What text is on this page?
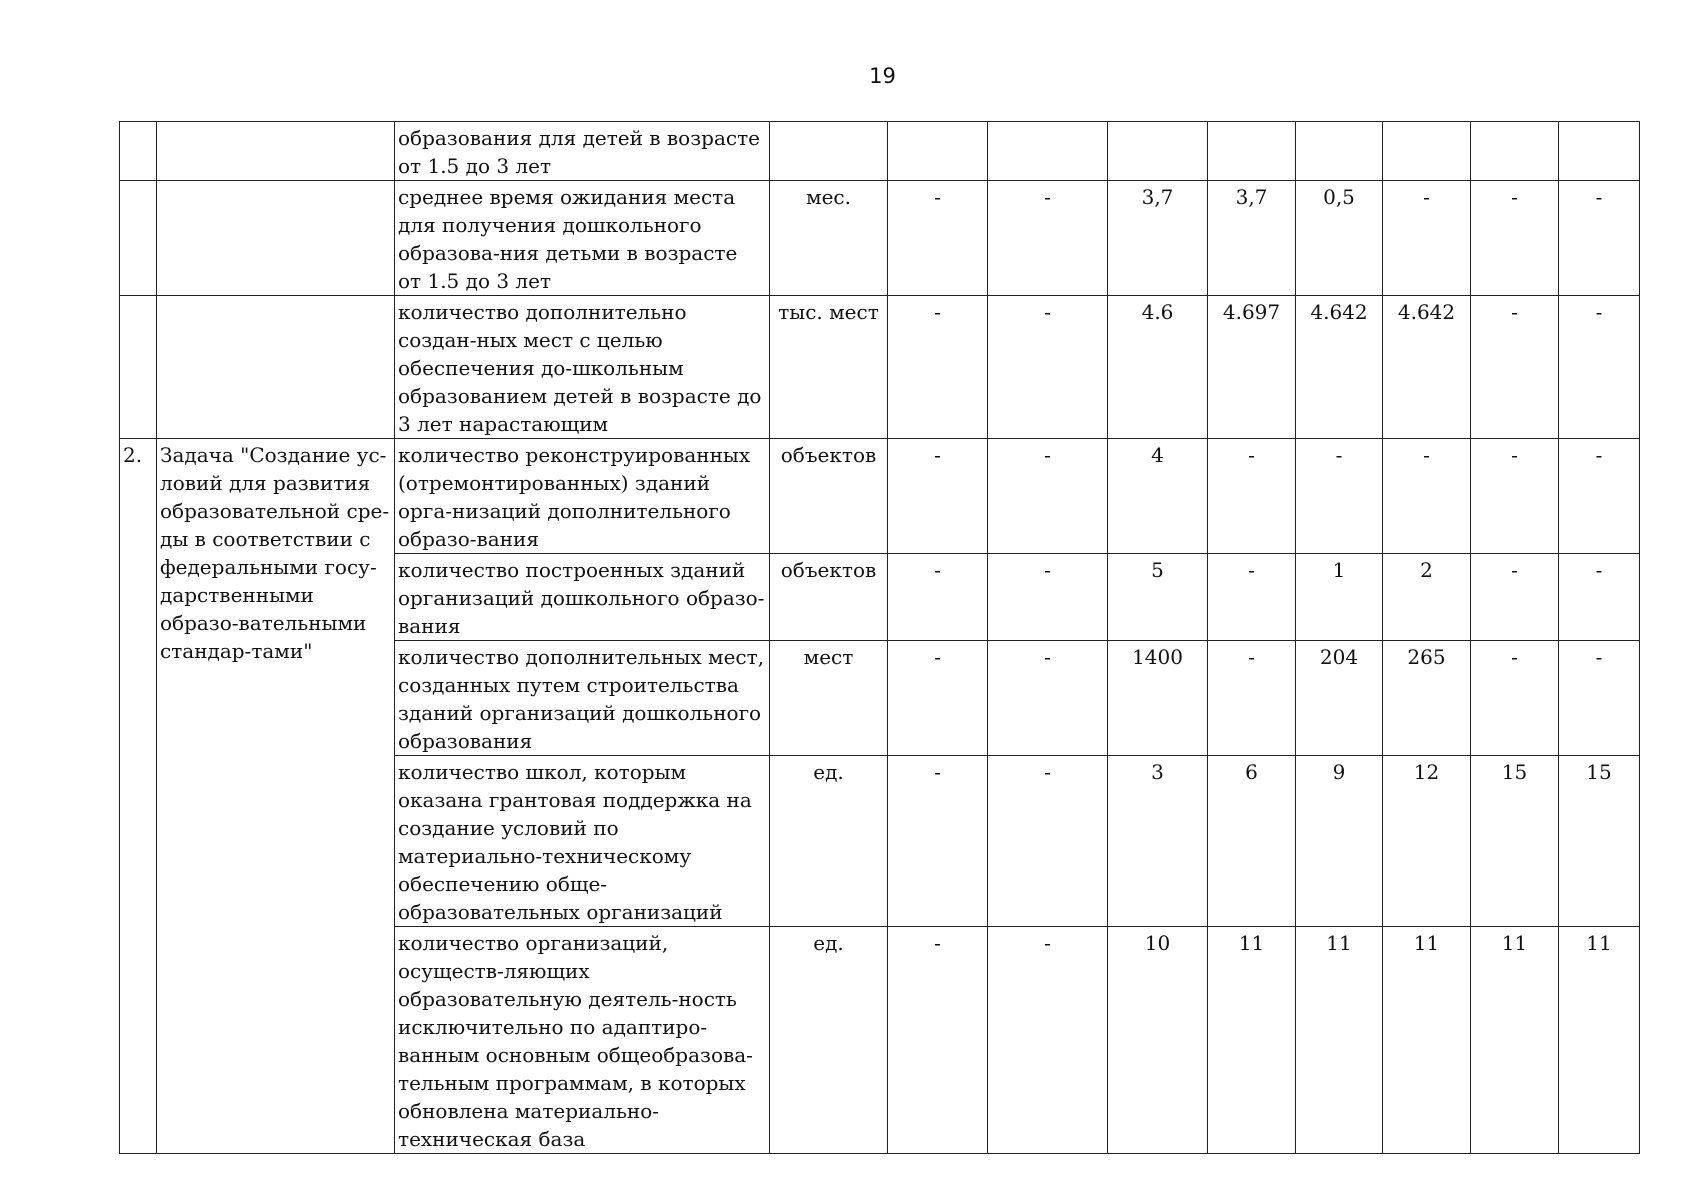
19
		образования для детей в возрасте от 1.5 до 3 лет									
		среднее время ожидания места для получения дошкольного образова-ния детьми в возрасте от 1.5 до 3 лет	мес.	-	-	3,7	3,7	0,5	-	-	-
		количество дополнительно создан-ных мест с целью обеспечения до-школьным образованием детей в возрасте до 3 лет нарастающим	тыс. мест	-	-	4.6	4.697	4.642	4.642	-	-
2.	Задача "Создание ус-ловий для развития образовательной сре-ды в соответствии с федеральными госу-дарственными образо-вательными стандар-тами"	количество реконструированных (отремонтированных) зданий орга-низаций дополнительного образо-вания	объектов	-	-	4	-	-	-	-	-
		количество построенных зданий организаций дошкольного образо-вания	объектов	-	-	5	-	1	2	-	-
		количество дополнительных мест, созданных путем строительства зданий организаций дошкольного образования	мест	-	-	1400	-	204	265	-	-
		количество школ, которым оказана грантовая поддержка на создание условий по материально-техническому обеспечению обще-образовательных организаций	ед.	-	-	3	6	9	12	15	15
		количество организаций, осуществ-ляющих образовательную деятель-ность исключительно по адаптиро-ванным основным общеобразова-тельным программам, в которых обновлена материально-техническая база	ед.	-	-	10	11	11	11	11	11
